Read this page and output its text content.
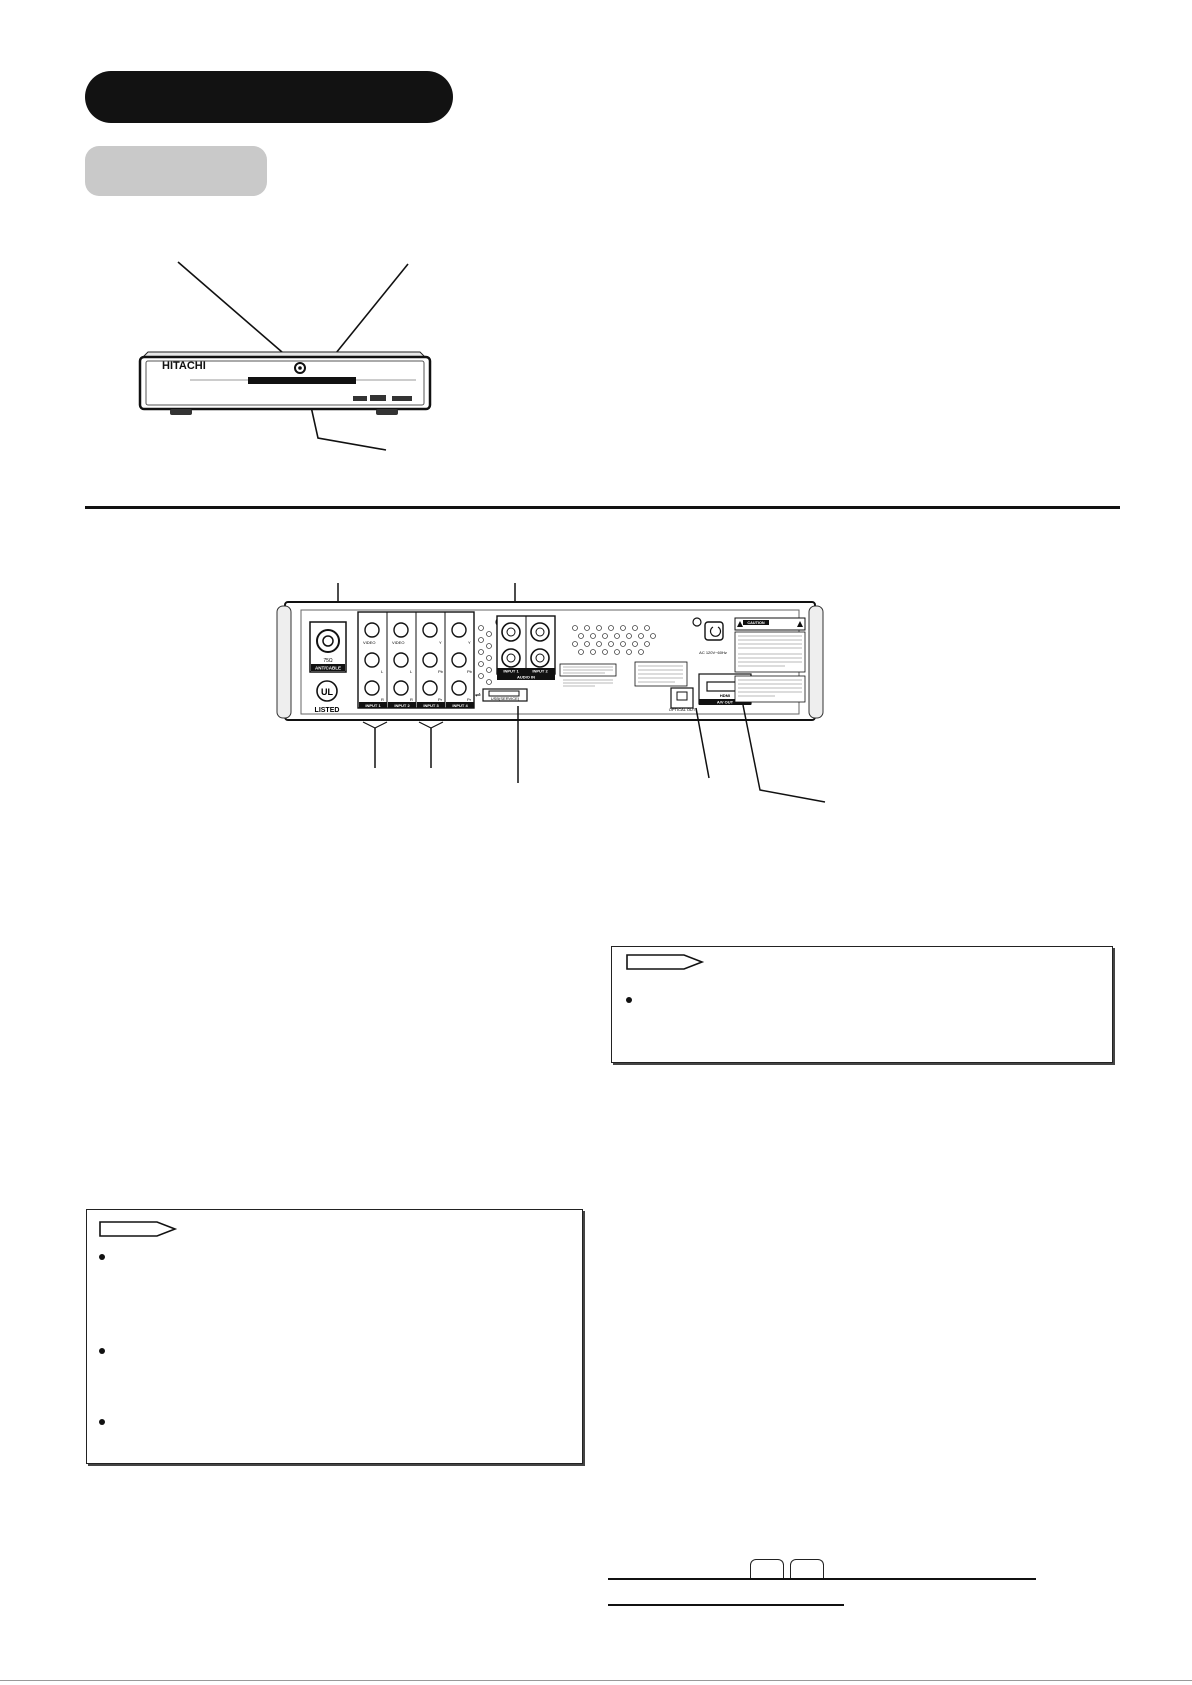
HITACHI
75Ω
ANT/CABLE
UL
LISTED
VIDEO	VIDEO
L	L
R	R
Y	Y
Pb	Pb
Pr	Pr
INPUT 1	INPUT 2	INPUT 3	INPUT 4
INPUT 1	INPUT 2
AUDIO IN
USB(SERVICE)
⇌
OPTICAL OUT
HDMI
A/V OUT
AC 120V~60Hz
CAUTION
